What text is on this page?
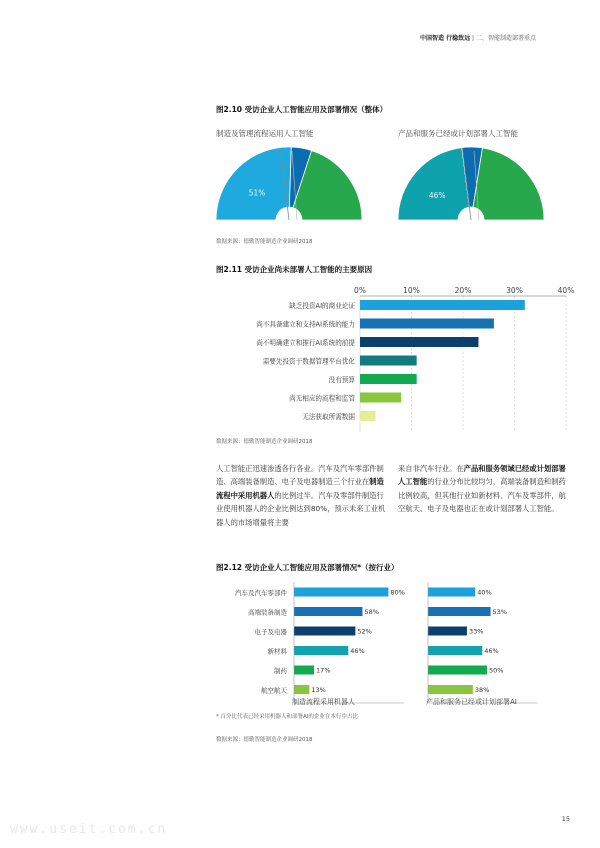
中国智造 行稳致远 | 二、智能制造部署重点
图2.10 受访企业人工智能应用及部署情况（整体）
制造及管理流程运用人工智能	产品和服务已经或计划部署人工智能
51%	46%
数据来源：德勤智能制造企业调研2018
图2.11 受访企业尚未部署人工智能的主要原因
0%	10%	20%	30%	40%
缺乏投资AI的商业论证
尚不具备建立和支持AI系统的能力
尚不明确建立和推行AI系统的前提
需要先投资于数据管理平台优化
没有预算
尚无相应的流程和监管
无法获取所需数据
数据来源：德勤智能制造企业调研2018
人工智能正迅速渗透各行各业。汽车及汽车零部件制造、高端装备制造、电子及电器制造三个行业在制造流程中采用机器人的比例过半。汽车及零部件制造行业使用机器人的企业比例达到80%，预示未来工业机器人的市场增量将主要
来自非汽车行业。在产品和服务领域已经或计划部署人工智能的行业分布比较均匀，高端装备制造和制药比例较高，但其他行业如新材料、汽车及零部件，航空航天、电子及电器也正在或计划部署人工智能。
图2.12 受访企业人工智能应用及部署情况*（按行业）
汽车及汽车零部件	80%	40%
高端装备制造	58%	53%
电子及电器	52%	33%
新材料	46%	46%
制药	17%	50%
航空航天	13%	38%
制造流程采用机器人	产品和服务已经或计划部署AI
* 百分比代表已经采用机器人和部署AI的企业在本行中占比
数据来源：德勤智能制造企业调研2018
15
www.useit.com.cn
